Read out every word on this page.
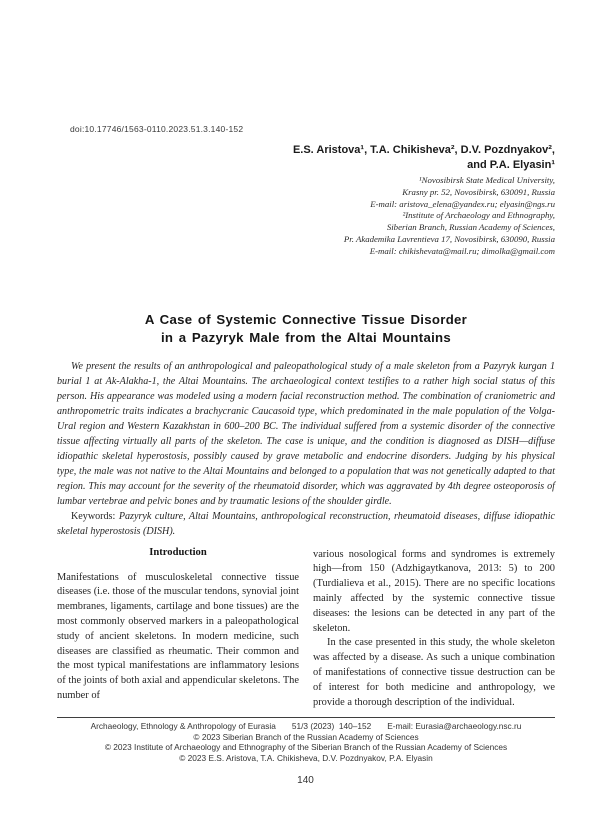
doi:10.17746/1563-0110.2023.51.3.140-152
E.S. Aristova¹, T.A. Chikisheva², D.V. Pozdnyakov²,
and P.A. Elyasin¹
¹Novosibirsk State Medical University,
Krasny pr. 52, Novosibirsk, 630091, Russia
E-mail: aristova_elena@yandex.ru; elyasin@ngs.ru
²Institute of Archaeology and Ethnography,
Siberian Branch, Russian Academy of Sciences,
Pr. Akademika Lavrentieva 17, Novosibirsk, 630090, Russia
E-mail: chikishevata@mail.ru; dimolka@gmail.com
A Case of Systemic Connective Tissue Disorder
in a Pazyryk Male from the Altai Mountains

We present the results of an anthropological and paleopathological study of a male skeleton from a Pazyryk kurgan 1 burial 1 at Ak-Alakha-1, the Altai Mountains. The archaeological context testifies to a rather high social status of this person. His appearance was modeled using a modern facial reconstruction method. The combination of craniometric and anthropometric traits indicates a brachycranic Caucasoid type, which predominated in the male population of the Volga-Ural region and Western Kazakhstan in 600–200 BC. The individual suffered from a systemic disorder of the connective tissue affecting virtually all parts of the skeleton. The case is unique, and the condition is diagnosed as DISH—diffuse idiopathic skeletal hyperostosis, possibly caused by grave metabolic and endocrine disorders. Judging by his physical type, the male was not native to the Altai Mountains and belonged to a population that was not genetically adapted to that region. This may account for the severity of the rheumatoid disorder, which was aggravated by 4th degree osteoporosis of lumbar vertebrae and pelvic bones and by traumatic lesions of the shoulder girdle.

Keywords: Pazyryk culture, Altai Mountains, anthropological reconstruction, rheumatoid diseases, diffuse idiopathic skeletal hyperostosis (DISH).

Introduction

Manifestations of musculoskeletal connective tissue diseases (i.e. those of the muscular tendons, synovial joint membranes, ligaments, cartilage and bone tissues) are the most commonly observed markers in a paleopathological study of ancient skeletons. In modern medicine, such diseases are classified as rheumatic. Their common and the most typical manifestations are inflammatory lesions of the joints of both axial and appendicular skeletons. The number of

various nosological forms and syndromes is extremely high—from 150 (Adzhigaytkanova, 2013: 5) to 200 (Turdialieva et al., 2015). There are no specific locations mainly affected by the systemic connective tissue diseases: the lesions can be detected in any part of the skeleton.

In the case presented in this study, the whole skeleton was affected by a disease. As such a unique combination of manifestations of connective tissue destruction can be of interest for both medicine and anthropology, we provide a thorough description of the individual.

Archaeology, Ethnology & Anthropology of Eurasia 51/3 (2023)  140–152 E-mail: Eurasia@archaeology.nsc.ru
© 2023 Siberian Branch of the Russian Academy of Sciences
© 2023 Institute of Archaeology and Ethnography of the Siberian Branch of the Russian Academy of Sciences
© 2023 E.S. Aristova, T.A. Chikisheva, D.V. Pozdnyakov, P.A. Elyasin
140
